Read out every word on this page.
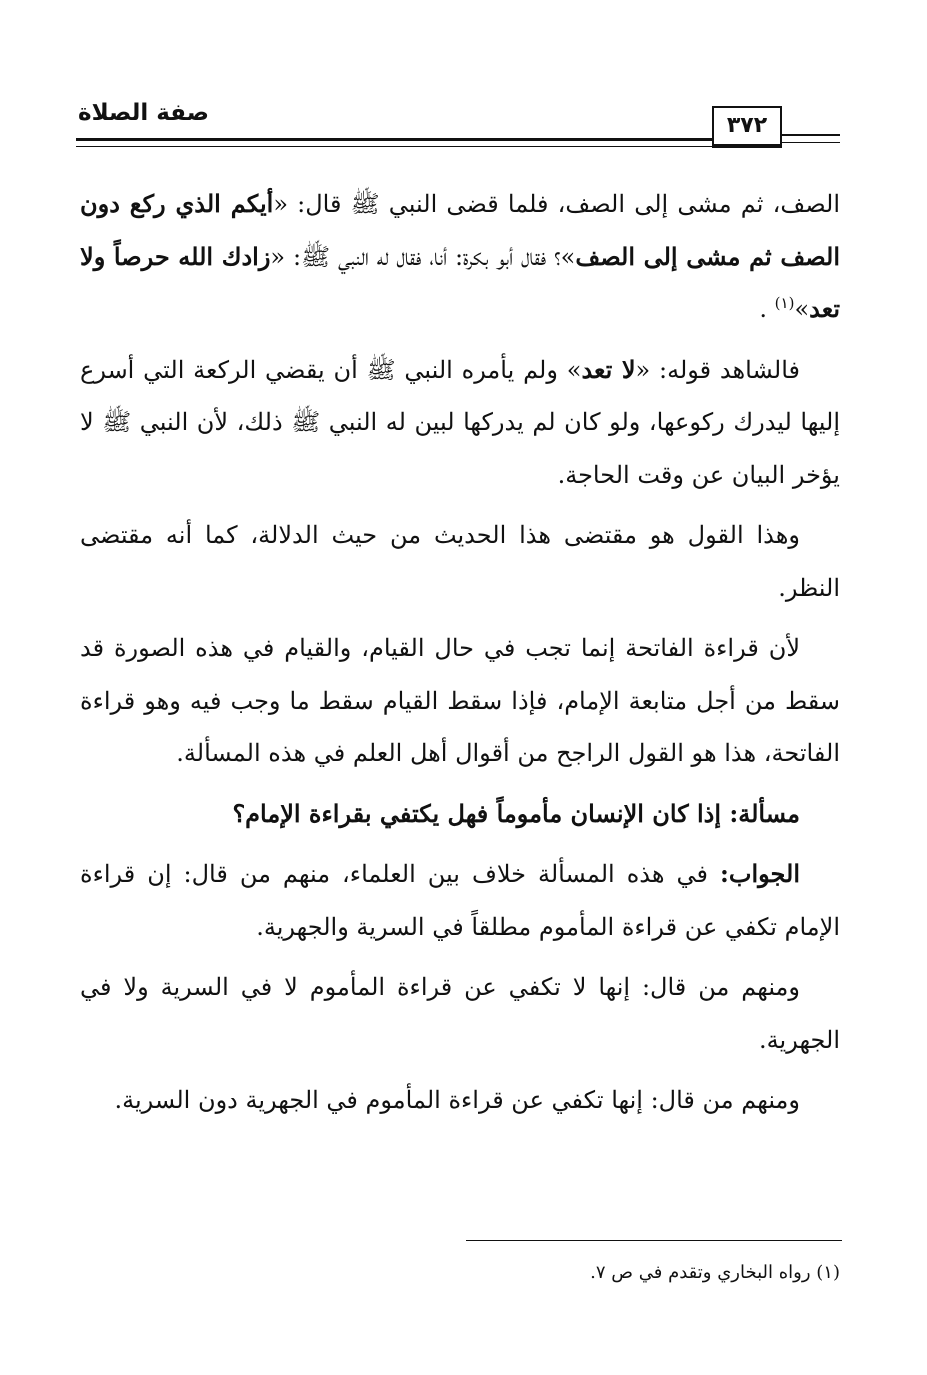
صفة الصلاة	٣٧٢

الصف، ثم مشى إلى الصف، فلما قضى النبي ﷺ قال: «أيكم الذي ركع دون الصف ثم مشى إلى الصف»؟ فقال أبو بكرة: أنا، فقال له النبي ﷺ: «زادك الله حرصاً ولا تعد»$^{(١)}$ .

فالشاهد قوله: «لا تعد» ولم يأمره النبي ﷺ أن يقضي الركعة التي أسرع إليها ليدرك ركوعها، ولو كان لم يدركها لبين له النبي ﷺ ذلك، لأن النبي ﷺ لا يؤخر البيان عن وقت الحاجة.

وهذا القول هو مقتضى هذا الحديث من حيث الدلالة، كما أنه مقتضى النظر.

لأن قراءة الفاتحة إنما تجب في حال القيام، والقيام في هذه الصورة قد سقط من أجل متابعة الإمام، فإذا سقط القيام سقط ما وجب فيه وهو قراءة الفاتحة، هذا هو القول الراجح من أقوال أهل العلم في هذه المسألة.

مسألة: إذا كان الإنسان مأموماً فهل يكتفي بقراءة الإمام؟

الجواب: في هذه المسألة خلاف بين العلماء، منهم من قال: إن قراءة الإمام تكفي عن قراءة المأموم مطلقاً في السرية والجهرية.

ومنهم من قال: إنها لا تكفي عن قراءة المأموم لا في السرية ولا في الجهرية.

ومنهم من قال: إنها تكفي عن قراءة المأموم في الجهرية دون السرية.

(١) رواه البخاري وتقدم في ص ٧.
